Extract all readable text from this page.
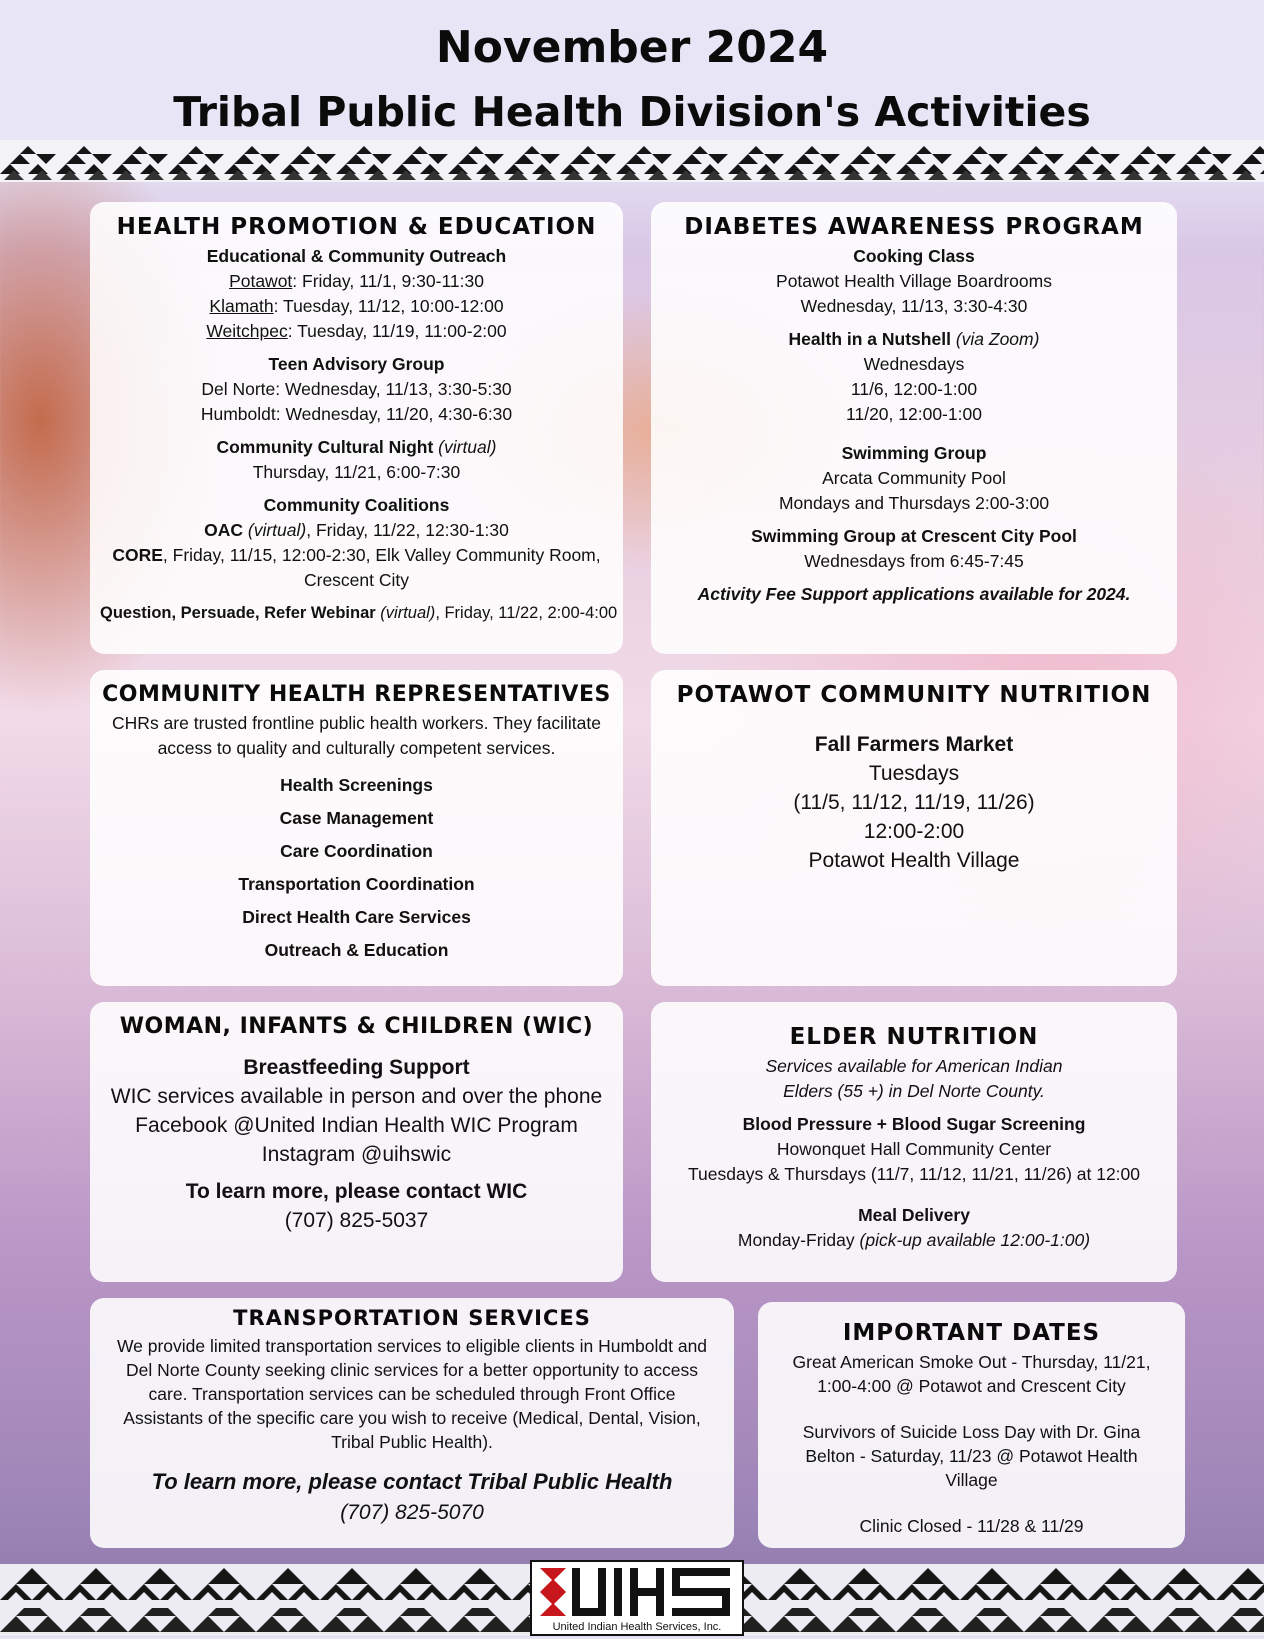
November 2024
Tribal Public Health Division's Activities
HEALTH PROMOTION & EDUCATION
Educational & Community Outreach
Potawot: Friday, 11/1, 9:30-11:30
Klamath: Tuesday, 11/12, 10:00-12:00
Weitchpec: Tuesday, 11/19, 11:00-2:00
Teen Advisory Group
Del Norte: Wednesday, 11/13, 3:30-5:30
Humboldt: Wednesday, 11/20, 4:30-6:30
Community Cultural Night (virtual)
Thursday, 11/21, 6:00-7:30
Community Coalitions
OAC (virtual), Friday, 11/22, 12:30-1:30
CORE, Friday, 11/15, 12:00-2:30, Elk Valley Community Room,
Crescent City
Question, Persuade, Refer Webinar (virtual), Friday, 11/22, 2:00-4:00
DIABETES AWARENESS PROGRAM
Cooking Class
Potawot Health Village Boardrooms
Wednesday, 11/13, 3:30-4:30
Health in a Nutshell (via Zoom)
Wednesdays
11/6, 12:00-1:00
11/20, 12:00-1:00
Swimming Group
Arcata Community Pool
Mondays and Thursdays 2:00-3:00
Swimming Group at Crescent City Pool
Wednesdays from 6:45-7:45
Activity Fee Support applications available for 2024.
COMMUNITY HEALTH REPRESENTATIVES
CHRs are trusted frontline public health workers. They facilitate
access to quality and culturally competent services.
Health Screenings
Case Management
Care Coordination
Transportation Coordination
Direct Health Care Services
Outreach & Education
POTAWOT COMMUNITY NUTRITION
Fall Farmers Market
Tuesdays
(11/5, 11/12, 11/19, 11/26)
12:00-2:00
Potawot Health Village
WOMAN, INFANTS & CHILDREN (WIC)
Breastfeeding Support
WIC services available in person and over the phone
Facebook @United Indian Health WIC Program
Instagram @uihswic
To learn more, please contact WIC
(707) 825-5037
ELDER NUTRITION
Services available for American Indian
Elders (55 +) in Del Norte County.
Blood Pressure + Blood Sugar Screening
Howonquet Hall Community Center
Tuesdays & Thursdays (11/7, 11/12, 11/21, 11/26) at 12:00
Meal Delivery
Monday-Friday (pick-up available 12:00-1:00)
TRANSPORTATION SERVICES
We provide limited transportation services to eligible clients in Humboldt and
Del Norte County seeking clinic services for a better opportunity to access
care. Transportation services can be scheduled through Front Office
Assistants of the specific care you wish to receive (Medical, Dental, Vision,
Tribal Public Health).
To learn more, please contact Tribal Public Health
(707) 825-5070
IMPORTANT DATES
Great American Smoke Out - Thursday, 11/21,
1:00-4:00 @ Potawot and Crescent City
Survivors of Suicide Loss Day with Dr. Gina
Belton - Saturday, 11/23 @ Potawot Health
Village
Clinic Closed - 11/28 & 11/29
United Indian Health Services, Inc.
